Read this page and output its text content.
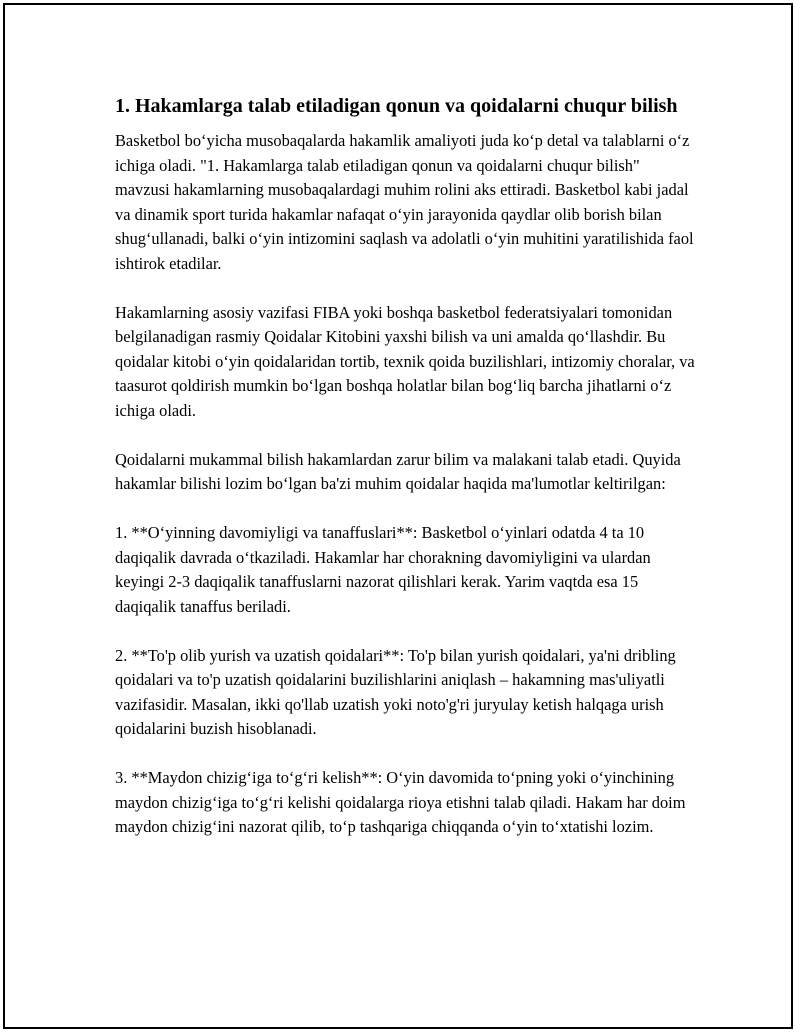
1. Hakamlarga talab etiladigan qonun va qoidalarni chuqur bilish

Basketbol bo‘yicha musobaqalarda hakamlik amaliyoti juda ko‘p detal va talablarni o‘z ichiga oladi. "1. Hakamlarga talab etiladigan qonun va qoidalarni chuqur bilish" mavzusi hakamlarning musobaqalardagi muhim rolini aks ettiradi. Basketbol kabi jadal va dinamik sport turida hakamlar nafaqat o‘yin jarayonida qaydlar olib borish bilan shug‘ullanadi, balki o‘yin intizomini saqlash va adolatli o‘yin muhitini yaratilishida faol ishtirok etadilar.

Hakamlarning asosiy vazifasi FIBA yoki boshqa basketbol federatsiyalari tomonidan belgilanadigan rasmiy Qoidalar Kitobini yaxshi bilish va uni amalda qo‘llashdir. Bu qoidalar kitobi o‘yin qoidalaridan tortib, texnik qoida buzilishlari, intizomiy choralar, va taasurot qoldirish mumkin bo‘lgan boshqa holatlar bilan bog‘liq barcha jihatlarni o‘z ichiga oladi.

Qoidalarni mukammal bilish hakamlardan zarur bilim va malakani talab etadi. Quyida hakamlar bilishi lozim bo‘lgan ba'zi muhim qoidalar haqida ma'lumotlar keltirilgan:

1. **O‘yinning davomiyligi va tanaffuslari**: Basketbol o‘yinlari odatda 4 ta 10 daqiqalik davrada o‘tkaziladi. Hakamlar har chorakning davomiyligini va ulardan keyingi 2-3 daqiqalik tanaffuslarni nazorat qilishlari kerak. Yarim vaqtda esa 15 daqiqalik tanaffus beriladi.

2. **To'p olib yurish va uzatish qoidalari**: To'p bilan yurish qoidalari, ya'ni dribling qoidalari va to'p uzatish qoidalarini buzilishlarini aniqlash – hakamning mas'uliyatli vazifasidir. Masalan, ikki qo'llab uzatish yoki noto'g'ri juryulay ketish halqaga urish qoidalarini buzish hisoblanadi.

3. **Maydon chizig‘iga to‘g‘ri kelish**: O‘yin davomida to‘pning yoki o‘yinchining maydon chizig‘iga to‘g‘ri kelishi qoidalarga rioya etishni talab qiladi. Hakam har doim maydon chizig‘ini nazorat qilib, to‘p tashqariga chiqqanda o‘yin to‘xtatishi lozim.
